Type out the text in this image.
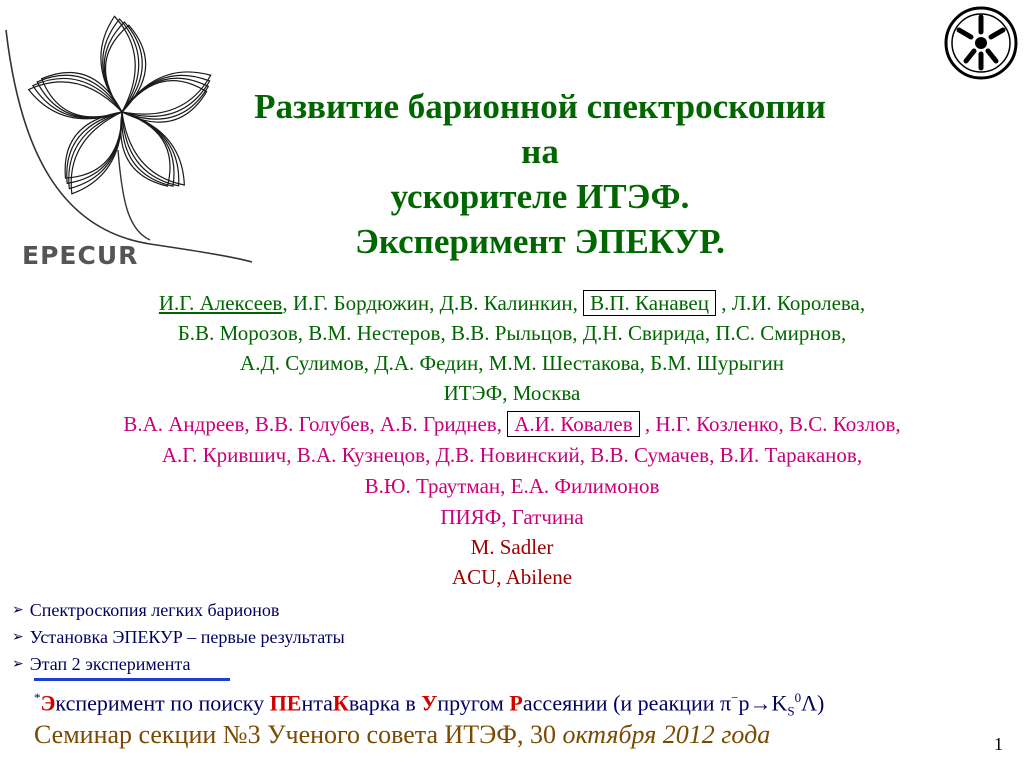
EPECUR
Развитие барионной спектроскопии на
ускорителе ИТЭФ.
Эксперимент ЭПЕКУР.
И.Г. Алексеев, И.Г. Бордюжин, Д.В. Калинкин, В.П. Канавец , Л.И. Королева,
Б.В. Морозов, В.М. Нестеров, В.В. Рыльцов, Д.Н. Свирида, П.С. Смирнов,
А.Д. Сулимов, Д.А. Федин, М.М. Шестакова, Б.М. Шурыгин
ИТЭФ, Москва
В.А. Андреев, В.В. Голубев, А.Б. Гриднев, А.И. Ковалев , Н.Г. Козленко, В.С. Козлов,
А.Г. Крившич, В.А. Кузнецов, Д.В. Новинский, В.В. Сумачев, В.И. Тараканов,
В.Ю. Траутман, Е.А. Филимонов
ПИЯФ, Гатчина
M. Sadler
ACU, Abilene
➢ Спектроскопия легких барионов
➢ Установка ЭПЕКУР – первые результаты
➢ Этап 2 эксперимента
*Эксперимент по поиску ПЕнтаКварка в Упругом Рассеянии (и реакции $\pi^-p\to K_S^0\Lambda$)
Семинар секции №3 Ученого совета ИТЭФ, 30 октября 2012 года	1
